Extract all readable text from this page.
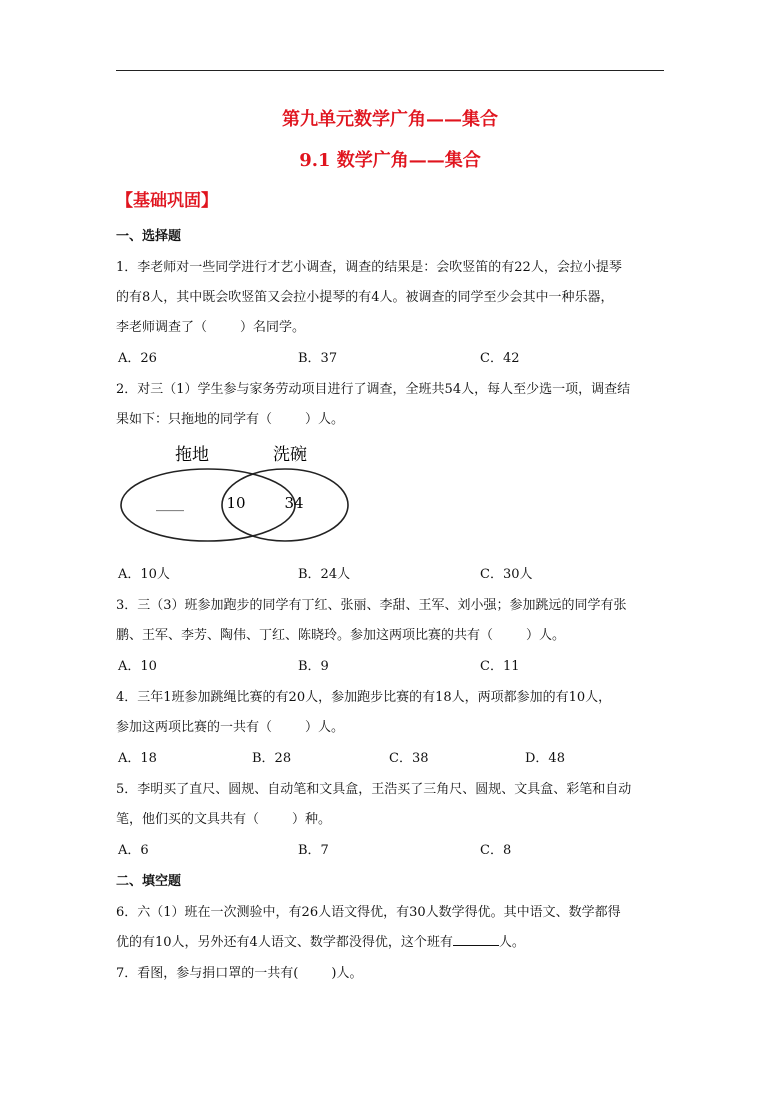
第九单元数学广角——集合
9.1 数学广角——集合
【基础巩固】
一、选择题
1．李老师对一些同学进行才艺小调查，调查的结果是：会吹竖笛的有22人，会拉小提琴
的有8人，其中既会吹竖笛又会拉小提琴的有4人。被调查的同学至少会其中一种乐器，
李老师调查了（        ）名同学。
A．26	B．37	C．42
2．对三（1）学生参与家务劳动项目进行了调查，全班共54人，每人至少选一项，调查结
果如下：只拖地的同学有（        ）人。
拖地	洗碗
____	10	34
A．10人	B．24人	C．30人
3．三（3）班参加跑步的同学有丁红、张丽、李甜、王军、刘小强；参加跳远的同学有张
鹏、王军、李芳、陶伟、丁红、陈晓玲。参加这两项比赛的共有（        ）人。
A．10	B．9	C．11
4．三年1班参加跳绳比赛的有20人，参加跑步比赛的有18人，两项都参加的有10人，
参加这两项比赛的一共有（        ）人。
A．18	B．28	C．38	D．48
5．李明买了直尺、圆规、自动笔和文具盒，王浩买了三角尺、圆规、文具盒、彩笔和自动
笔，他们买的文具共有（        ）种。
A．6	B．7	C．8
二、填空题
6．六（1）班在一次测验中，有26人语文得优，有30人数学得优。其中语文、数学都得
优的有10人，另外还有4人语文、数学都没得优，这个班有	人。
7．看图，参与捐口罩的一共有(        )人。
